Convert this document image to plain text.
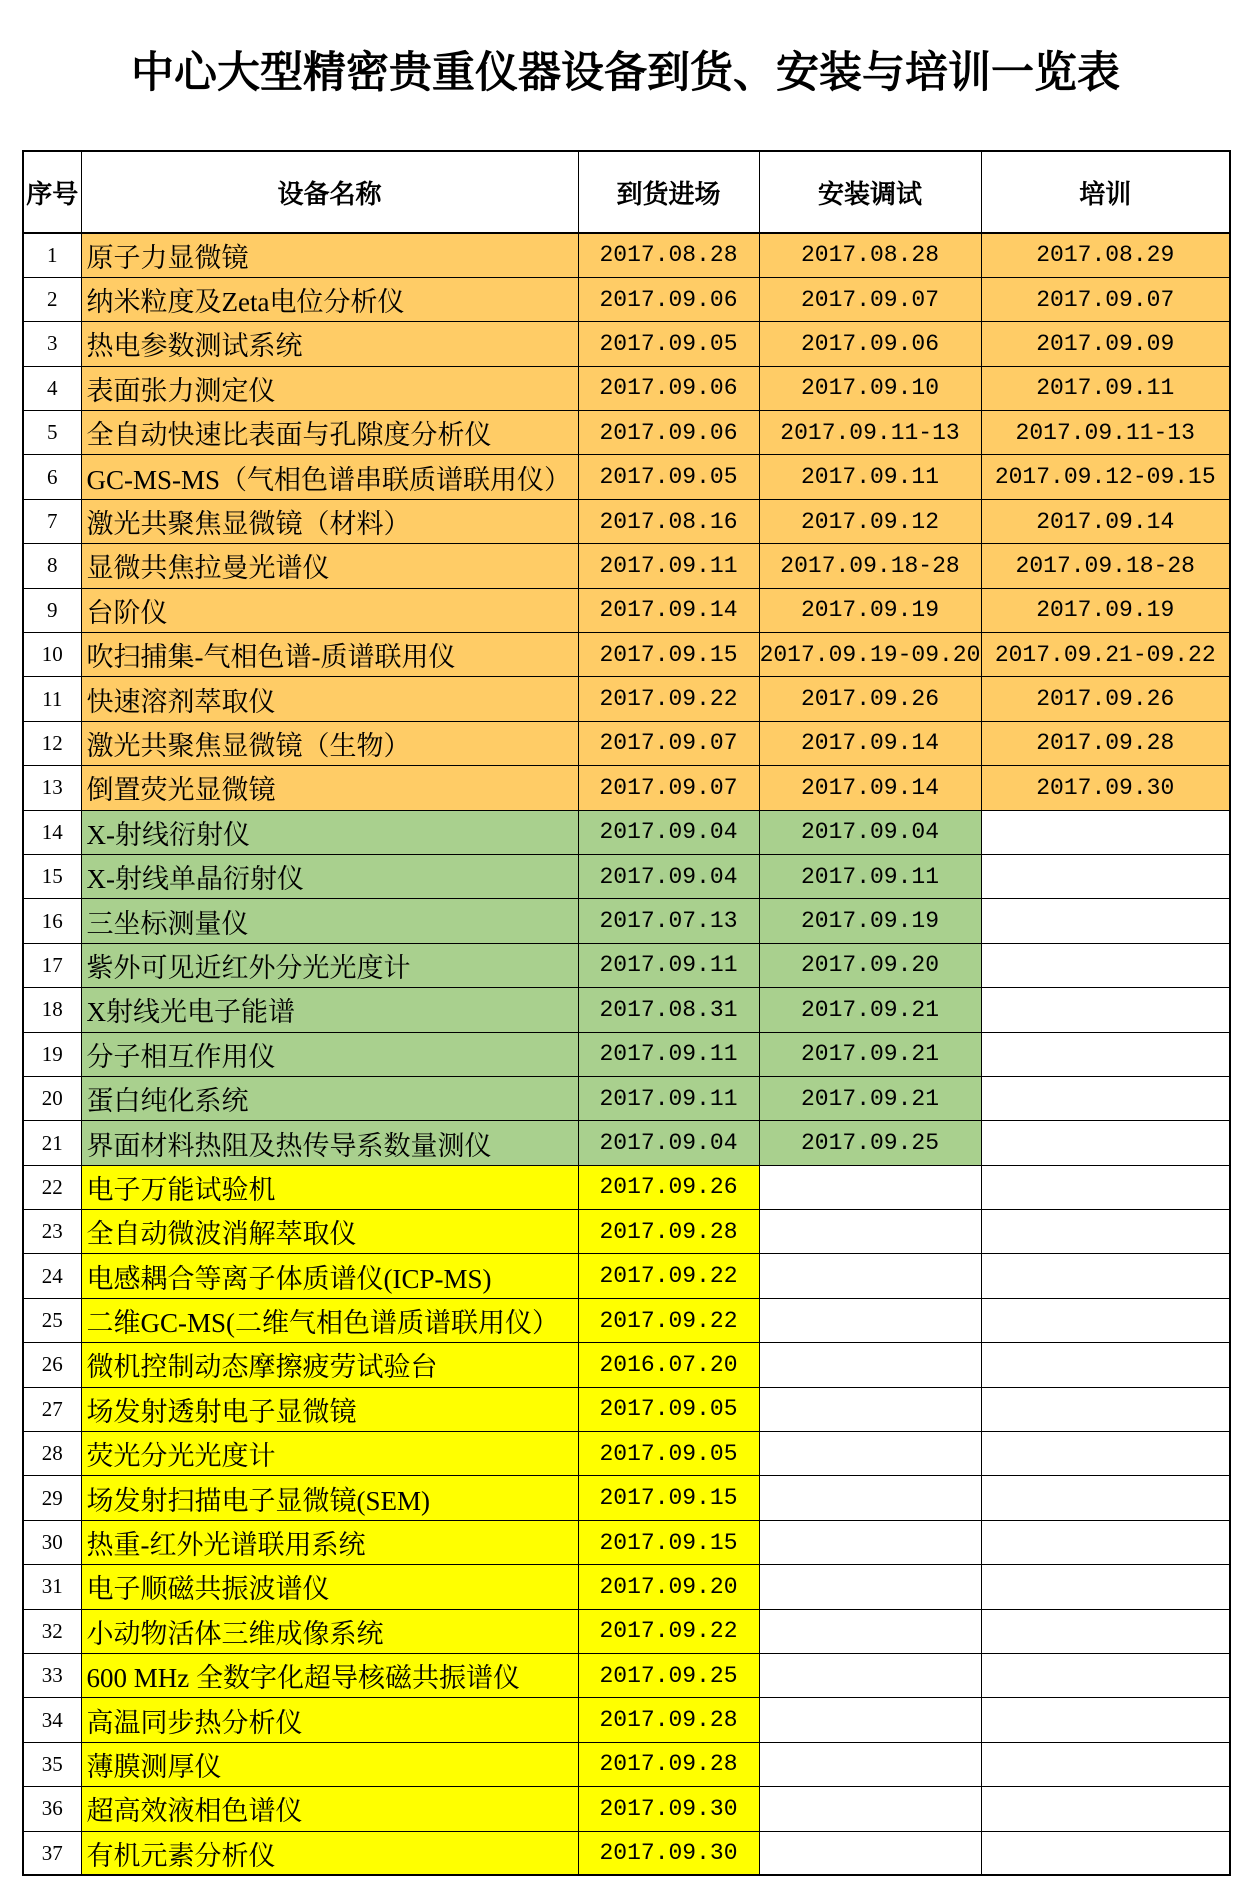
中心大型精密贵重仪器设备到货、安装与培训一览表
序号	设备名称	到货进场	安装调试	培训
1	原子力显微镜	2017.08.28	2017.08.28	2017.08.29
2	纳米粒度及Zeta电位分析仪	2017.09.06	2017.09.07	2017.09.07
3	热电参数测试系统	2017.09.05	2017.09.06	2017.09.09
4	表面张力测定仪	2017.09.06	2017.09.10	2017.09.11
5	全自动快速比表面与孔隙度分析仪	2017.09.06	2017.09.11-13	2017.09.11-13
6	GC-MS-MS（气相色谱串联质谱联用仪）	2017.09.05	2017.09.11	2017.09.12-09.15
7	激光共聚焦显微镜（材料）	2017.08.16	2017.09.12	2017.09.14
8	显微共焦拉曼光谱仪	2017.09.11	2017.09.18-28	2017.09.18-28
9	台阶仪	2017.09.14	2017.09.19	2017.09.19
10	吹扫捕集-气相色谱-质谱联用仪	2017.09.15	2017.09.19-09.20	2017.09.21-09.22
11	快速溶剂萃取仪	2017.09.22	2017.09.26	2017.09.26
12	激光共聚焦显微镜（生物）	2017.09.07	2017.09.14	2017.09.28
13	倒置荧光显微镜	2017.09.07	2017.09.14	2017.09.30
14	X-射线衍射仪	2017.09.04	2017.09.04	
15	X-射线单晶衍射仪	2017.09.04	2017.09.11	
16	三坐标测量仪	2017.07.13	2017.09.19	
17	紫外可见近红外分光光度计	2017.09.11	2017.09.20	
18	X射线光电子能谱	2017.08.31	2017.09.21	
19	分子相互作用仪	2017.09.11	2017.09.21	
20	蛋白纯化系统	2017.09.11	2017.09.21	
21	界面材料热阻及热传导系数量测仪	2017.09.04	2017.09.25	
22	电子万能试验机	2017.09.26		
23	全自动微波消解萃取仪	2017.09.28		
24	电感耦合等离子体质谱仪(ICP-MS)	2017.09.22		
25	二维GC-MS(二维气相色谱质谱联用仪）	2017.09.22		
26	微机控制动态摩擦疲劳试验台	2016.07.20		
27	场发射透射电子显微镜	2017.09.05		
28	荧光分光光度计	2017.09.05		
29	场发射扫描电子显微镜(SEM)	2017.09.15		
30	热重-红外光谱联用系统	2017.09.15		
31	电子顺磁共振波谱仪	2017.09.20		
32	小动物活体三维成像系统	2017.09.22		
33	600 MHz 全数字化超导核磁共振谱仪	2017.09.25		
34	高温同步热分析仪	2017.09.28		
35	薄膜测厚仪	2017.09.28		
36	超高效液相色谱仪	2017.09.30		
37	有机元素分析仪	2017.09.30		
